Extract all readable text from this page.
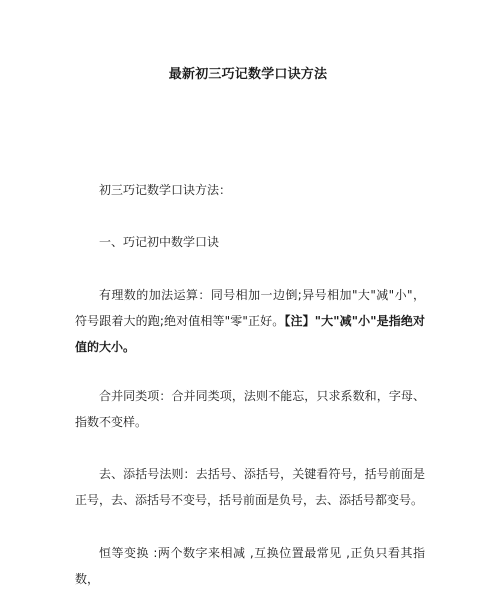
最新初三巧记数学口诀方法
初三巧记数学口诀方法：
一、巧记初中数学口诀
有理数的加法运算：同号相加一边倒;异号相加"大"减"小"，符号跟着大的跑;绝对值相等"零"正好。【注】"大"减"小"是指绝对值的大小。
合并同类项：合并同类项，法则不能忘，只求系数和，字母、指数不变样。
去、添括号法则：去括号、添括号，关键看符号，括号前面是正号，去、添括号不变号，括号前面是负号，去、添括号都变号。
恒等变换 :两个数字来相减 ,互换位置最常见 ,正负只看其指数，
